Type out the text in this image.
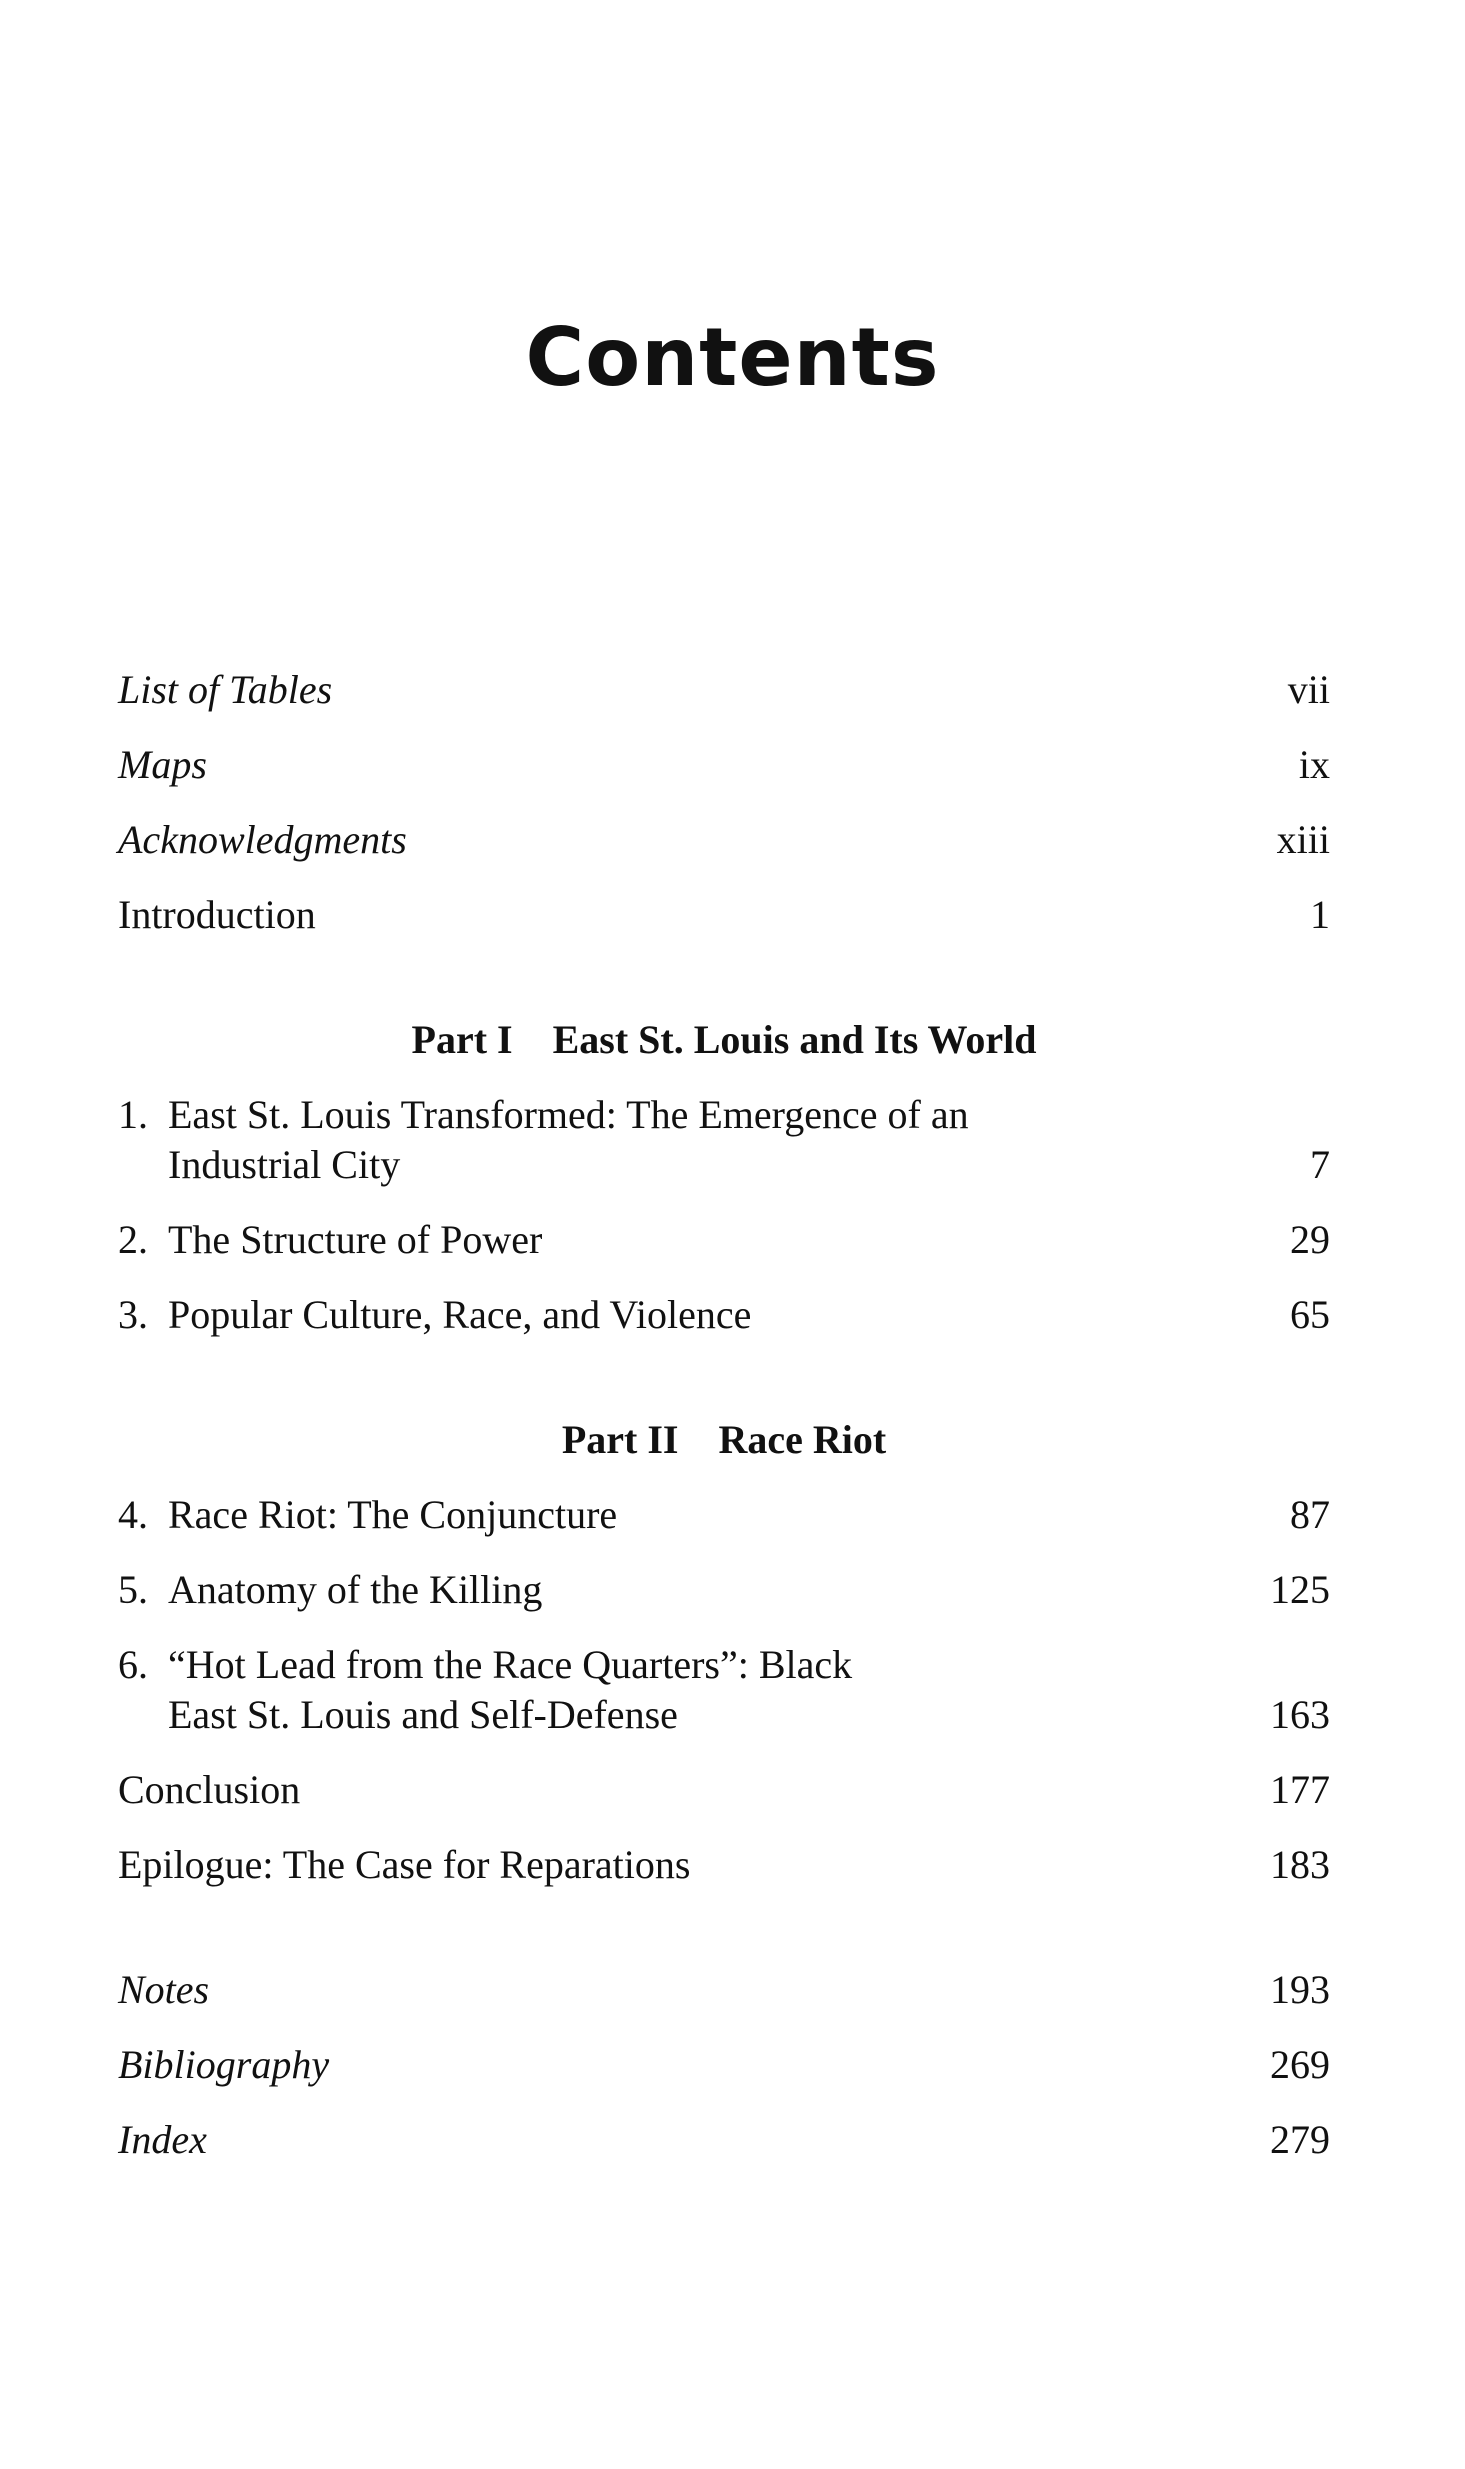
Contents
List of Tables	vii
Maps	ix
Acknowledgments	xiii
Introduction	1
Part I East St. Louis and Its World
1. East St. Louis Transformed: The Emergence of an
Industrial City	7
2. The Structure of Power	29
3. Popular Culture, Race, and Violence	65
Part II Race Riot
4. Race Riot: The Conjuncture	87
5. Anatomy of the Killing	125
6. “Hot Lead from the Race Quarters”: Black
East St. Louis and Self-Defense	163
Conclusion	177
Epilogue: The Case for Reparations	183
Notes	193
Bibliography	269
Index	279
